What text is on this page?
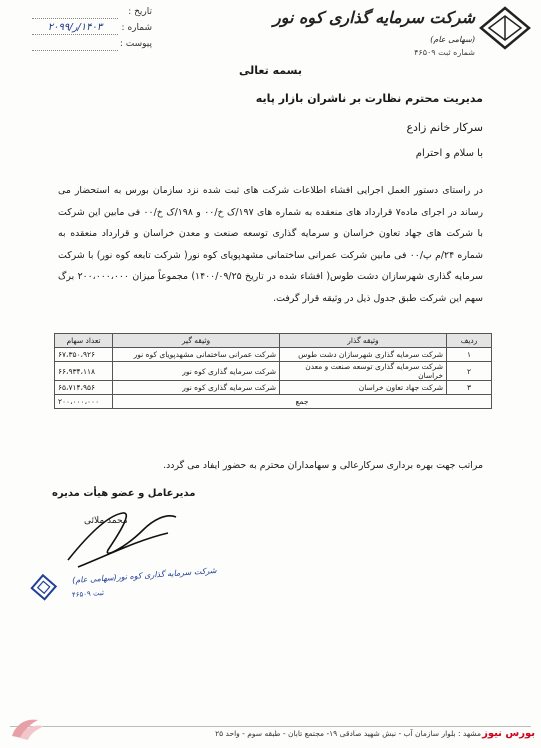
تاریخ :
شماره :
۱۴۰۳/ر/۲۰۹۹
پیوست :
شرکت سرمایه گذاری کوه نور (سهامی عام)
شماره ثبت ۴۶۵۰۹
بسمه تعالی
مدیریت محترم نظارت بر ناشران بازار پایه
سرکار خانم زادع
با سلام و احترام
در راستای دستور العمل اجرایی افشاء اطلاعات شرکت های ثبت شده نزد سازمان بورس به استحضار می رساند در اجرای ماده۷ قرارداد های منعقده به شماره های ۱۹۷/ک خ/۰۰ و ۱۹۸/ک خ/۰۰ فی مابین این شرکت با شرکت های جهاد تعاون خراسان و سرمایه گذاری توسعه صنعت و معدن خراسان و قرارداد منعقده به شماره ۲۴/م پ/۰۰ فی مابین شرکت عمرانی ساختمانی مشهدپویای کوه نور( شرکت تابعه کوه نور) با شرکت سرمایه گذاری شهرسازان دشت طوس( افشاء شده در تاریخ ۱۴۰۰/۰۹/۲۵) مجموعاً میزان ۲۰۰،۰۰۰،۰۰۰ برگ سهم این شرکت طبق جدول ذیل در وثیقه قرار گرفت.
ردیف	وثیقه گذار	وثیقه گیر	تعداد سهام
۱	شرکت سرمایه گذاری شهرسازان دشت طوس	شرکت عمرانی ساختمانی مشهدپویای کوه نور	۶۷،۳۵۰،۹۲۶
۲	شرکت سرمایه گذاری توسعه صنعت و معدن خراسان	شرکت سرمایه گذاری کوه نور	۶۶،۹۳۴،۱۱۸
۳	شرکت جهاد تعاون خراسان	شرکت سرمایه گذاری کوه نور	۶۵،۷۱۴،۹۵۶
جمع			۲۰۰،۰۰۰،۰۰۰
مراتب جهت بهره برداری سرکارعالی و سهامداران محترم به حضور ایفاد می گردد.
مدیرعامل و عضو هیأت مدیره
محمد ملائی
شرکت سرمایه گذاری کوه نور(سهامی عام)
ثبت ۴۶۵۰۹
مشهد : بلوار سازمان آب - نبش شهید صادقی ۱۹- مجتمع تابان - طبقه سوم - واحد ۲۵ بورس نیوز
